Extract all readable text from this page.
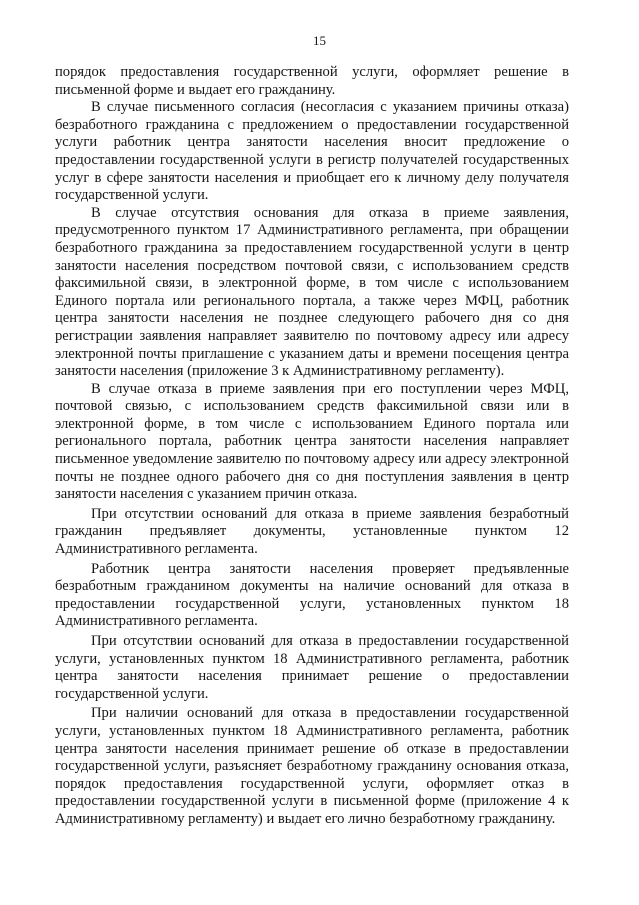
15

порядок предоставления государственной услуги, оформляет решение в письменной форме и выдает его гражданину.

В случае письменного согласия (несогласия с указанием причины отказа) безработного гражданина с предложением о предоставлении государственной услуги работник центра занятости населения вносит предложение о предоставлении государственной услуги в регистр получателей государственных услуг в сфере занятости населения и приобщает его к личному делу получателя государственной услуги.

В случае отсутствия основания для отказа в приеме заявления, предусмотренного пунктом 17 Административного регламента, при обращении безработного гражданина за предоставлением государственной услуги в центр занятости населения посредством почтовой связи, с использованием средств факсимильной связи, в электронной форме, в том числе с использованием Единого портала или регионального портала, а также через МФЦ, работник центра занятости населения не позднее следующего рабочего дня со дня регистрации заявления направляет заявителю по почтовому адресу или адресу электронной почты приглашение с указанием даты и времени посещения центра занятости населения (приложение 3 к Административному регламенту).

В случае отказа в приеме заявления при его поступлении через МФЦ, почтовой связью, с использованием средств факсимильной связи или в электронной форме, в том числе с использованием Единого портала или регионального портала, работник центра занятости населения направляет письменное уведомление заявителю по почтовому адресу или адресу электронной почты не позднее одного рабочего дня со дня поступления заявления в центр занятости населения с указанием причин отказа.

При отсутствии оснований для отказа в приеме заявления безработный гражданин предъявляет документы, установленные пунктом 12 Административного регламента.

Работник центра занятости населения проверяет предъявленные безработным гражданином документы на наличие оснований для отказа в предоставлении государственной услуги, установленных пунктом 18 Административного регламента.

При отсутствии оснований для отказа в предоставлении государственной услуги, установленных пунктом 18 Административного регламента, работник центра занятости населения принимает решение о предоставлении государственной услуги.

При наличии оснований для отказа в предоставлении государственной услуги, установленных пунктом 18 Административного регламента, работник центра занятости населения принимает решение об отказе в предоставлении государственной услуги, разъясняет безработному гражданину основания отказа, порядок предоставления государственной услуги, оформляет отказ в предоставлении государственной услуги в письменной форме (приложение 4 к Административному регламенту) и выдает его лично безработному гражданину.
